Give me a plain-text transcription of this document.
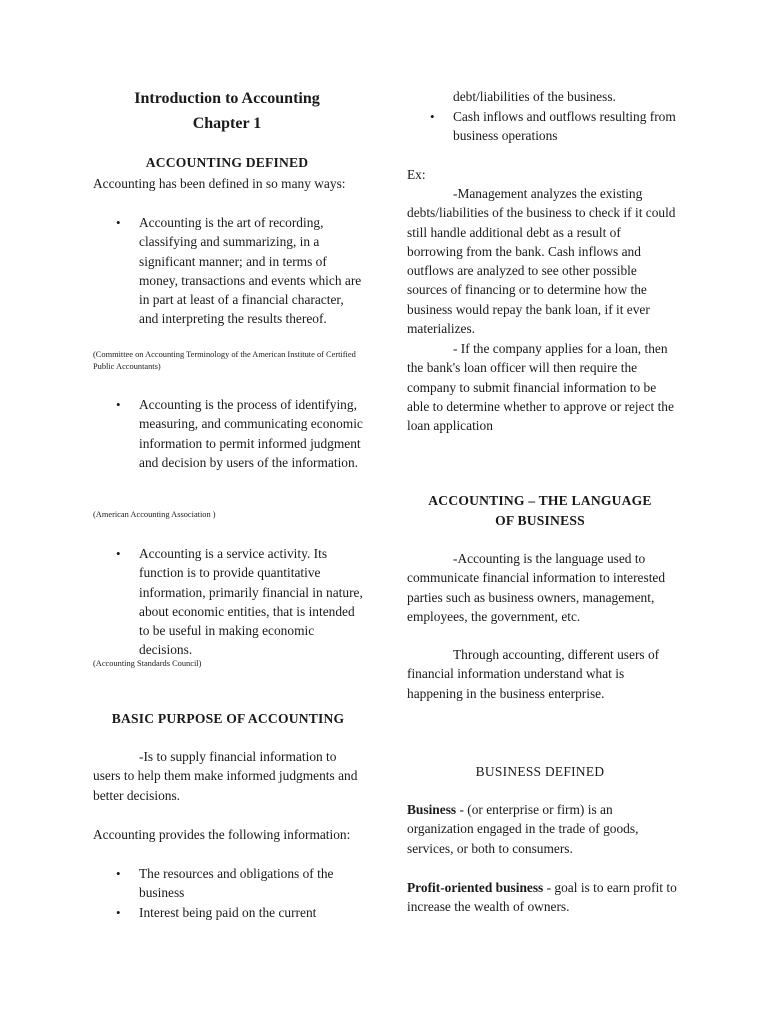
Introduction to Accounting

Chapter 1

ACCOUNTING DEFINED

Accounting has been defined in so many ways:

• Accounting is the art of recording, classifying and summarizing, in a significant manner; and in terms of money, transactions and events which are in part at least of a financial character, and interpreting the results thereof.

(Committee on Accounting Terminology of the American Institute of Certified Public Accountants)

• Accounting is the process of identifying, measuring, and communicating economic information to permit informed judgment and decision by users of the information.

(American Accounting Association )

• Accounting is a service activity. Its function is to provide quantitative information, primarily financial in nature, about economic entities, that is intended to be useful in making economic decisions.

(Accounting Standards Council)

BASIC PURPOSE OF ACCOUNTING

-Is to supply financial information to users to help them make informed judgments and better decisions.

Accounting provides the following information:

• The resources and obligations of the business
• Interest being paid on the current

debt/liabilities of the business.

• Cash inflows and outflows resulting from business operations

Ex:

-Management analyzes the existing debts/liabilities of the business to check if it could still handle additional debt as a result of borrowing from the bank. Cash inflows and outflows are analyzed to see other possible sources of financing or to determine how the business would repay the bank loan, if it ever materializes.

- If the company applies for a loan, then the bank's loan officer will then require the company to submit financial information to be able to determine whether to approve or reject the loan application

ACCOUNTING – THE LANGUAGE

OF BUSINESS

-Accounting is the language used to communicate financial information to interested parties such as business owners, management, employees, the government, etc.

Through accounting, different users of financial information understand what is happening in the business enterprise.

BUSINESS DEFINED

Business - (or enterprise or firm) is an organization engaged in the trade of goods, services, or both to consumers.

Profit-oriented business - goal is to earn profit to increase the wealth of owners.
